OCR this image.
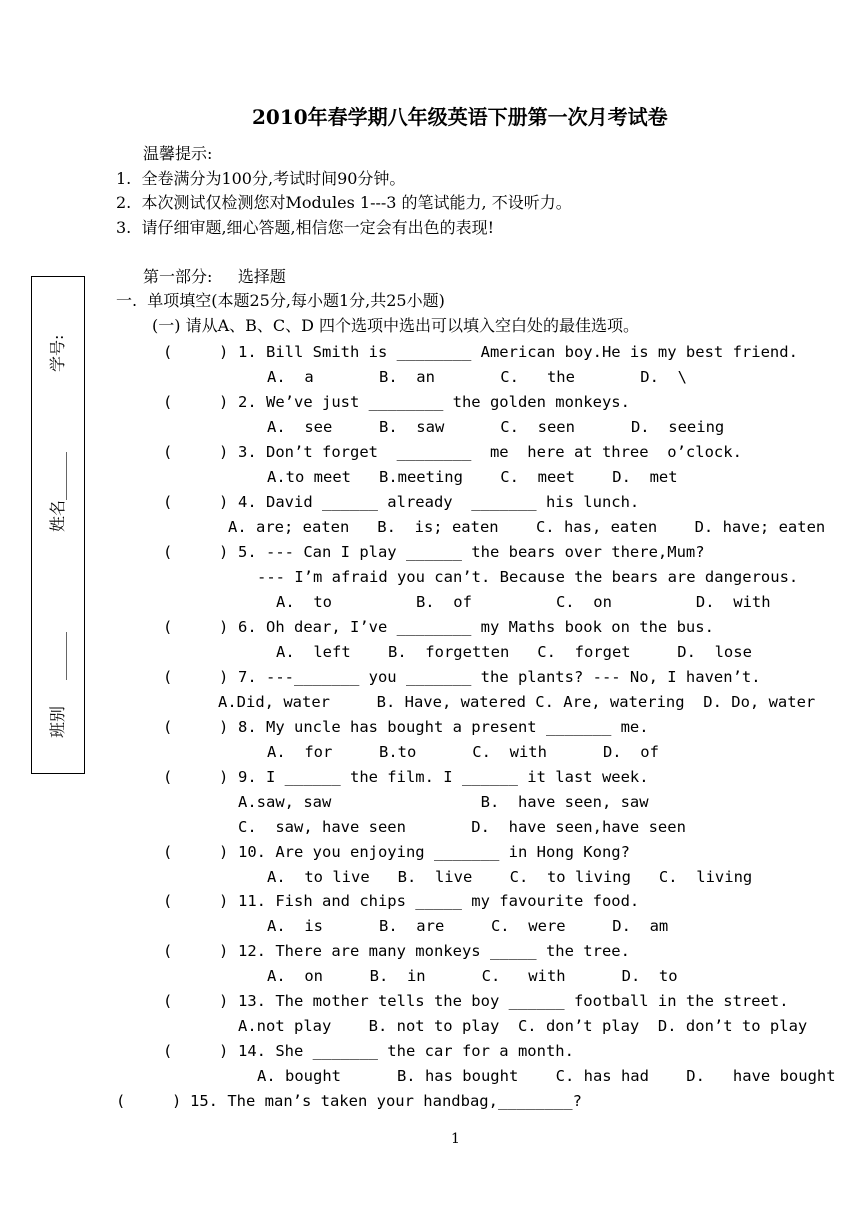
2010年春学期八年级英语下册第一次月考试卷
温馨提示:
1.  全卷满分为100分,考试时间90分钟。
2.  本次测试仅检测您对Modules 1---3 的笔试能力, 不设听力。
3.  请仔细审题,细心答题,相信您一定会有出色的表现!
第一部分:     选择题
一.  单项填空(本题25分,每小题1分,共25小题)
(一) 请从A、B、C、D 四个选项中选出可以填入空白处的最佳选项。
学号:
姓名______
______
班别
(     ) 1. Bill Smith is ________ American boy.He is my best friend.
A.  a       B.  an       C.   the       D.  \
(     ) 2. We’ve just ________ the golden monkeys.
A.  see     B.  saw      C.  seen      D.  seeing
(     ) 3. Don’t forget  ________  me  here at three  o’clock.
A.to meet   B.meeting    C.  meet    D.  met
(     ) 4. David ______ already  _______ his lunch.
A. are; eaten   B.  is; eaten    C. has, eaten    D. have; eaten
(     ) 5. --- Can I play ______ the bears over there,Mum?
--- I’m afraid you can’t. Because the bears are dangerous.
A.  to         B.  of         C.  on         D.  with
(     ) 6. Oh dear, I’ve ________ my Maths book on the bus.
A.  left    B.  forgetten   C.  forget     D.  lose
(     ) 7. ---_______ you _______ the plants? --- No, I haven’t.
A.Did, water     B. Have, watered C. Are, watering  D. Do, water
(     ) 8. My uncle has bought a present _______ me.
A.  for     B.to      C.  with      D.  of
(     ) 9. I ______ the film. I ______ it last week.
A.saw, saw                B.  have seen, saw
C.  saw, have seen       D.  have seen,have seen
(     ) 10. Are you enjoying _______ in Hong Kong?
A.  to live   B.  live    C.  to living   C.  living
(     ) 11. Fish and chips _____ my favourite food.
A.  is      B.  are     C.  were     D.  am
(     ) 12. There are many monkeys _____ the tree.
A.  on     B.  in      C.   with      D.  to
(     ) 13. The mother tells the boy ______ football in the street.
A.not play    B. not to play  C. don’t play  D. don’t to play
(     ) 14. She _______ the car for a month.
A. bought      B. has bought    C. has had    D.   have bought
(     ) 15. The man’s taken your handbag,________?
1
